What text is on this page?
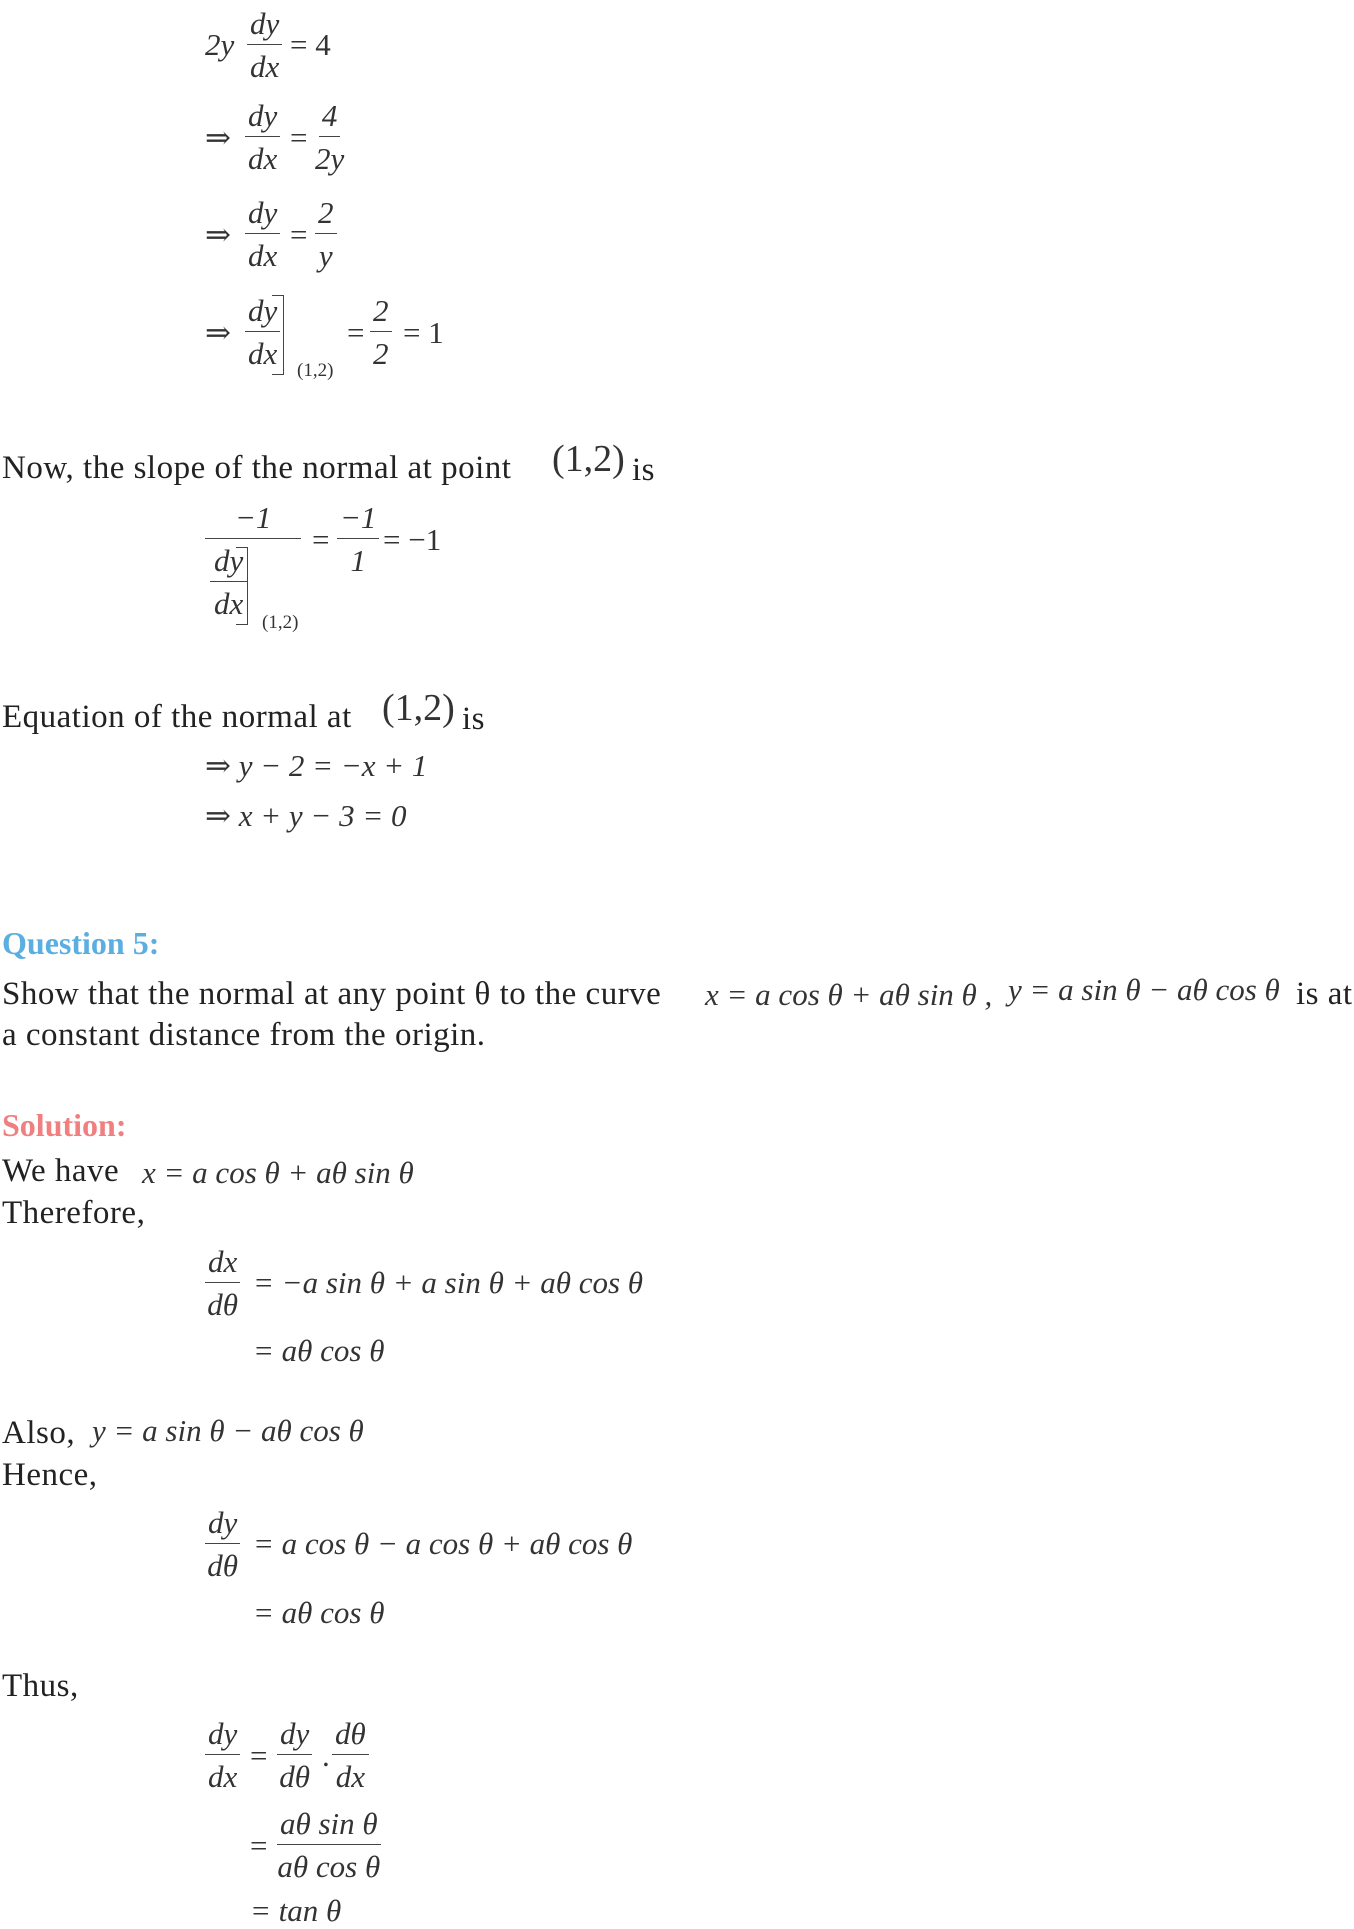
$2y \frac{dy}{dx} = 4$
⇒ $\frac{dy}{dx} = \frac{4}{2y}$
⇒ $\frac{dy}{dx} = \frac{2}{y}$
⇒ $\frac{dy}{dx}$
(1,2)
= $\frac{2}{2} = 1$
Now, the slope of the normal at point (1,2) is
$\frac{-1}{\frac{dy}{dx}}$
(1,2)
= $\frac{-1}{1} = -1$
Equation of the normal at (1,2) is
⇒ y − 2 = −x + 1
⇒ x + y − 3 = 0
Question 5:
Show that the normal at any point θ to the curve x = a cos θ + aθ sin θ , y = a sin θ − aθ cos θ is at
a constant distance from the origin.
Solution:
We have x = a cos θ + aθ sin θ
Therefore,
$\frac{dx}{d\theta} = -a$ sin θ + a sin θ + aθ cos θ
= aθ cos θ
Also, y = a sin θ − aθ cos θ
Hence,
$\frac{dy}{d\theta} = a$ cos θ − a cos θ + aθ cos θ
= aθ cos θ
Thus,
$\frac{dy}{dx} = \frac{dy}{d\theta}$ . $\frac{d\theta}{dx}$
= $\frac{\text{aθ sin θ}}{\text{aθ cos θ}}$
= tan θ
